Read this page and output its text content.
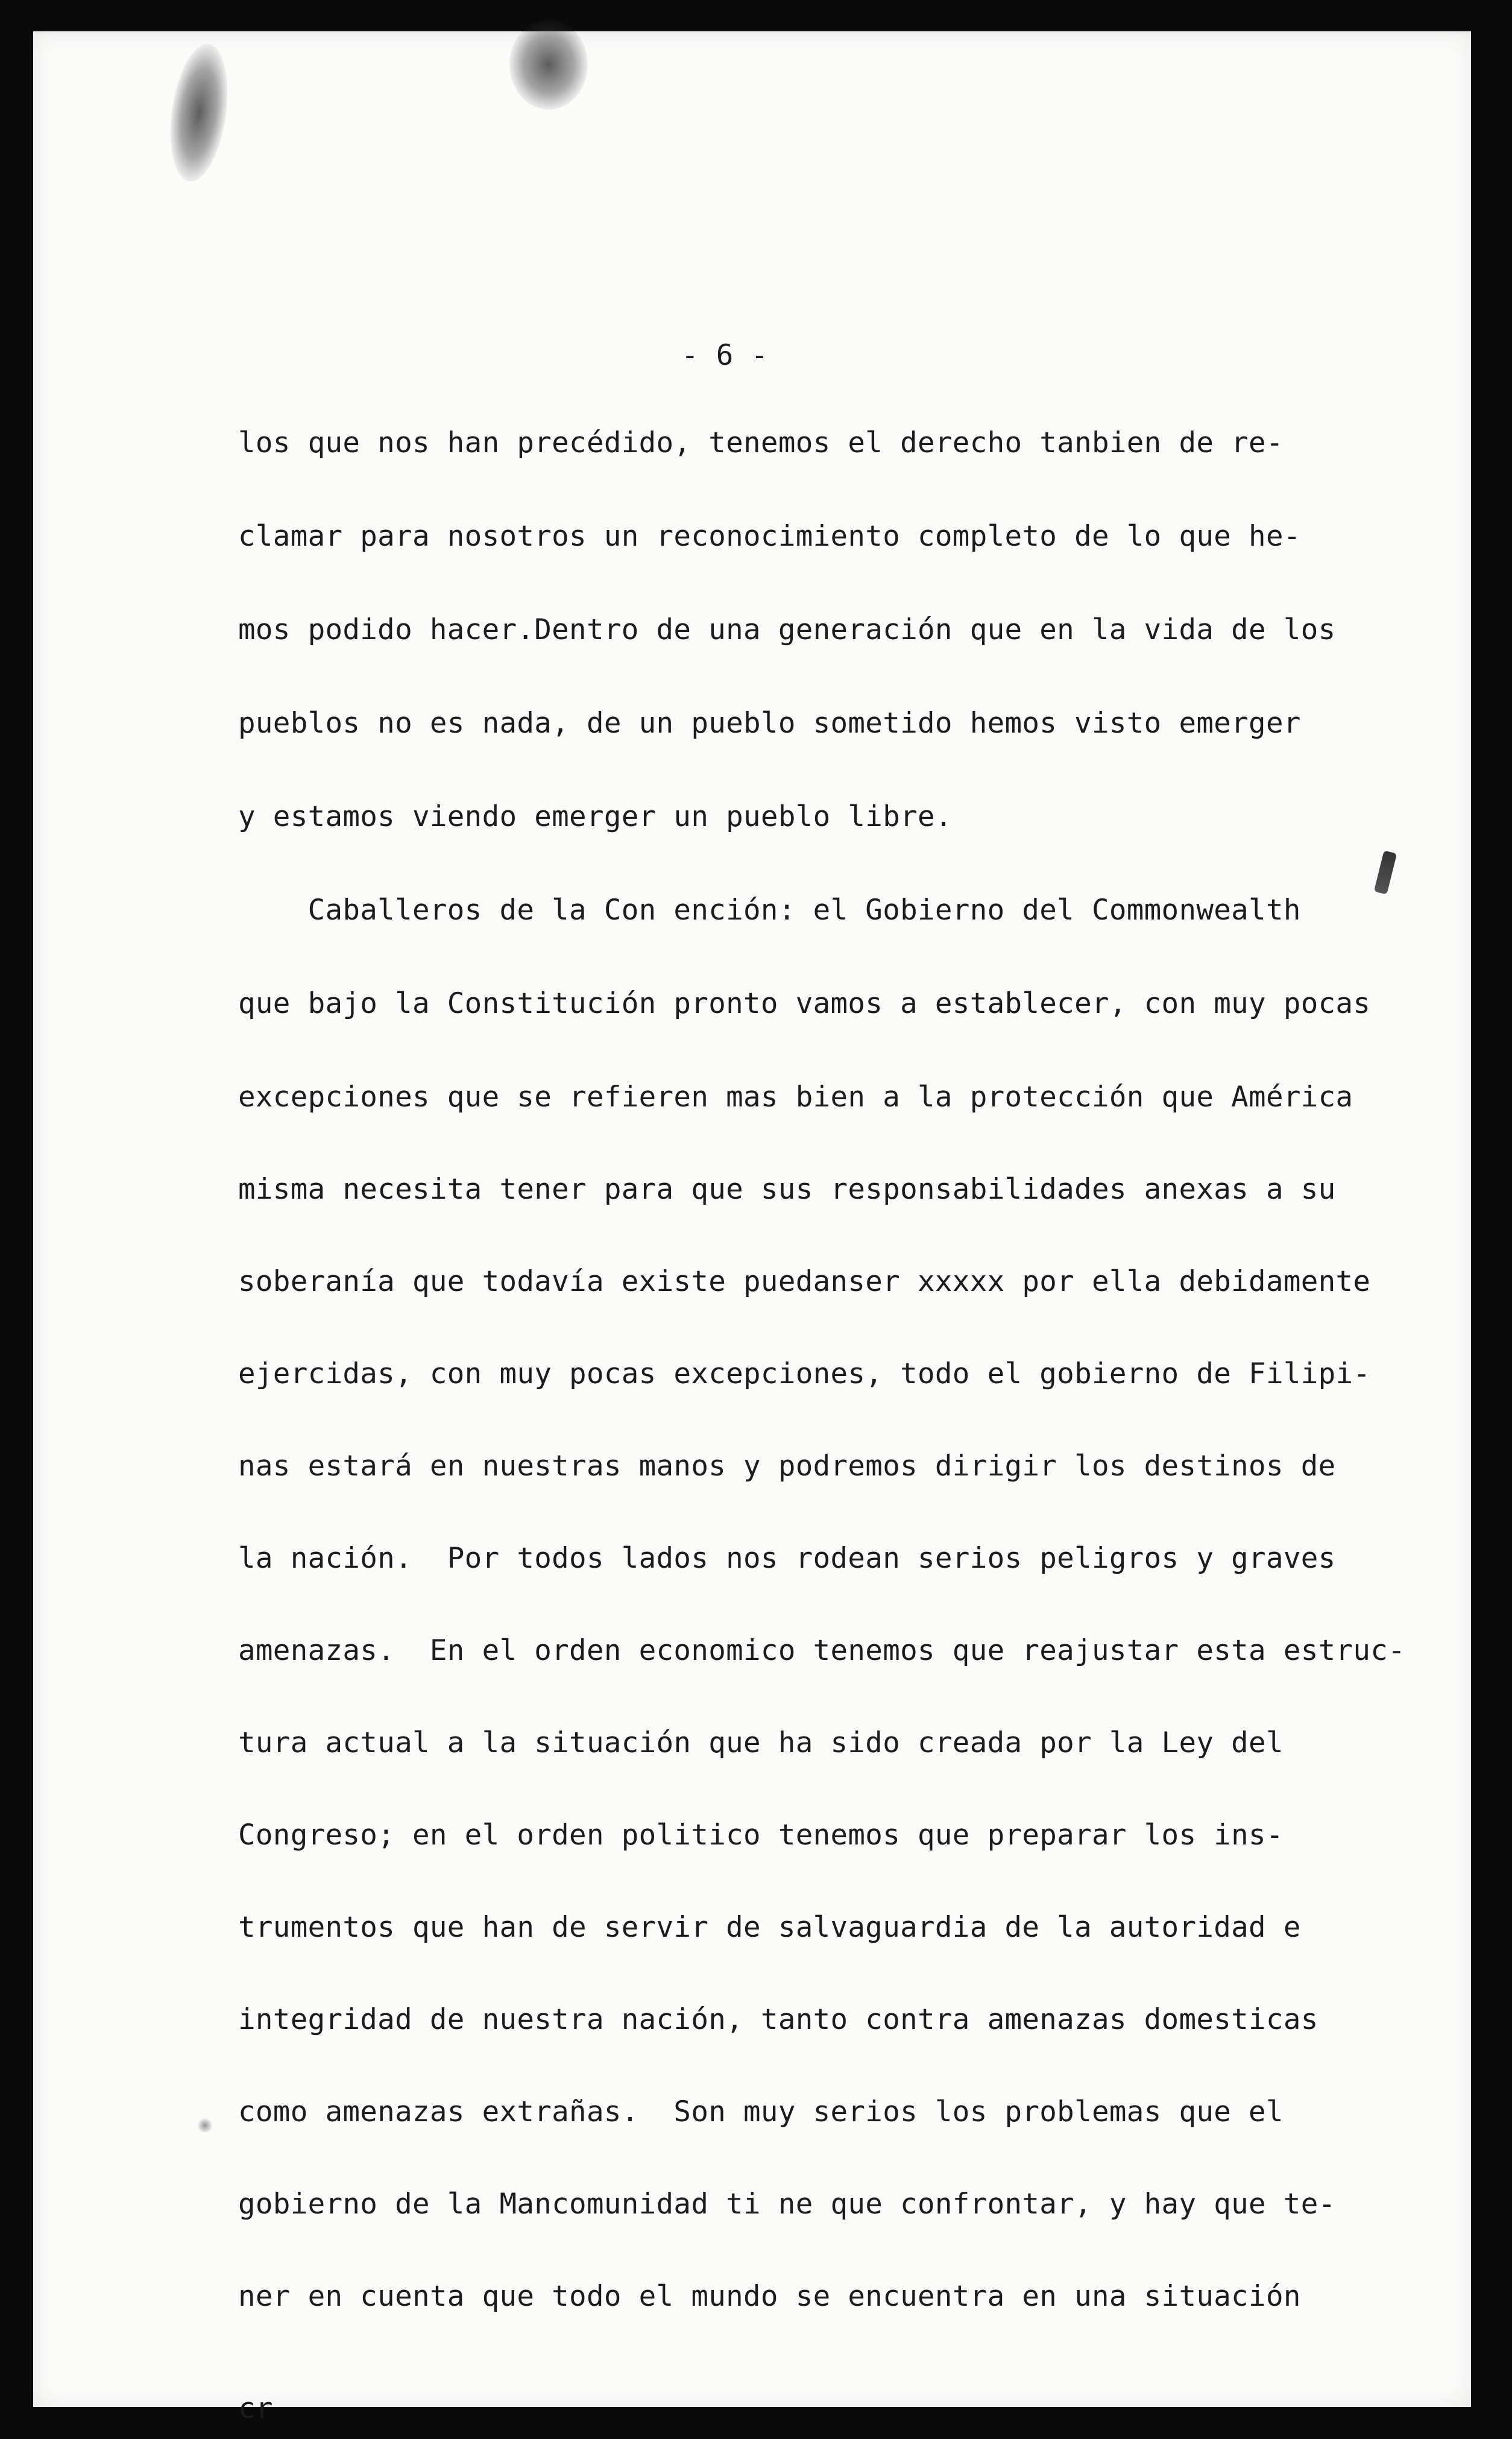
- 6 -
los que nos han precédido, tenemos el derecho tanbien de re-
clamar para nosotros un reconocimiento completo de lo que he-
mos podido hacer.Dentro de una generación que en la vida de los
pueblos no es nada, de un pueblo sometido hemos visto emerger
y estamos viendo emerger un pueblo libre.
Caballeros de la Con ención: el Gobierno del Commonwealth
que bajo la Constitución pronto vamos a establecer, con muy pocas
excepciones que se refieren mas bien a la protección que América
misma necesita tener para que sus responsabilidades anexas a su
soberanía que todavía existe puedanser xxxxx por ella debidamente
ejercidas, con muy pocas excepciones, todo el gobierno de Filipi-
nas estará en nuestras manos y podremos dirigir los destinos de
la nación.  Por todos lados nos rodean serios peligros y graves
amenazas.  En el orden economico tenemos que reajustar esta estruc-
tura actual a la situación que ha sido creada por la Ley del
Congreso; en el orden politico tenemos que preparar los ins-
trumentos que han de servir de salvaguardia de la autoridad e
integridad de nuestra nación, tanto contra amenazas domesticas
como amenazas extrañas.  Son muy serios los problemas que el
gobierno de la Mancomunidad ti ne que confrontar, y hay que te-
ner en cuenta que todo el mundo se encuentra en una situación
cr
